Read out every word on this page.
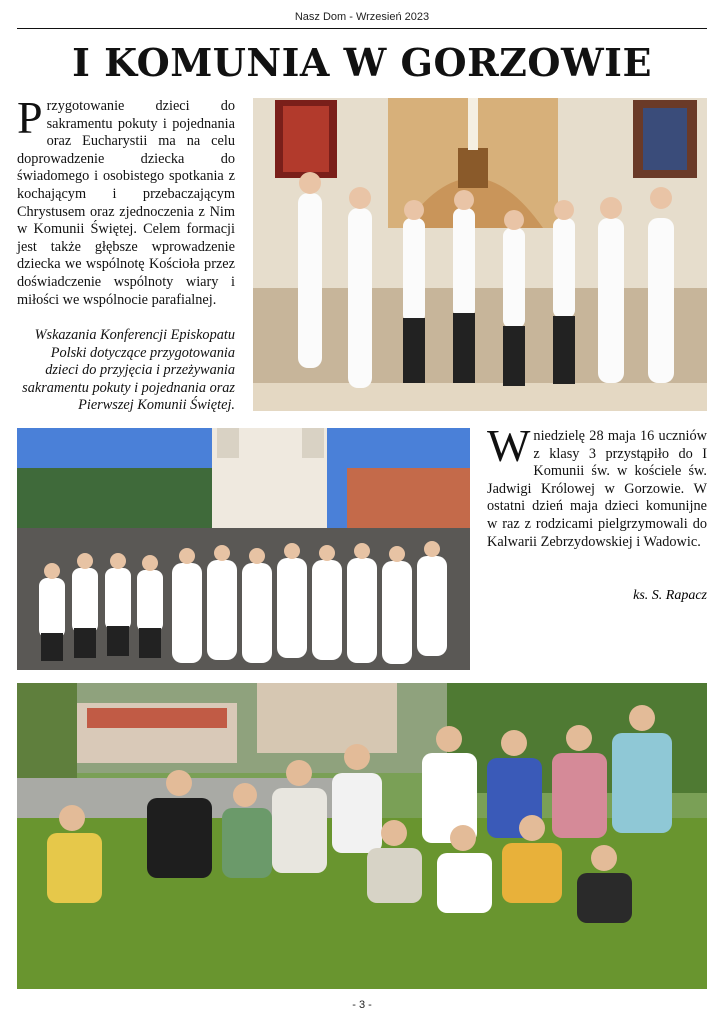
Nasz Dom - Wrzesień 2023
I KOMUNIA W GORZOWIE
P rzygotowanie dzieci do sakramentu pokuty i pojednania oraz Eucharystii ma na celu doprowadzenie dziecka do świadomego i osobistego spotkania z kochającym i przebaczającym Chrystusem oraz zjednoczenia z Nim w Komunii Świętej. Celem formacji jest także głębsze wprowadzenie dziecka we wspólnotę Kościoła przez doświadczenie wspólnoty wiary i miłości we wspólnocie parafialnej.
Wskazania Konferencji Episkopatu Polski dotyczące przygotowania dzieci do przyjęcia i przeżywania sakramentu pokuty i pojednania oraz Pierwszej Komunii Świętej.
W niedzielę 28 maja 16 uczniów z klasy 3 przystąpiło do I Komunii św. w kościele św. Jadwigi Królowej w Gorzowie. W ostatni dzień maja dzieci komunijne w raz z rodzicami pielgrzymowali do Kalwarii Zebrzydowskiej i Wadowic.
ks. S. Rapacz
- 3 -
